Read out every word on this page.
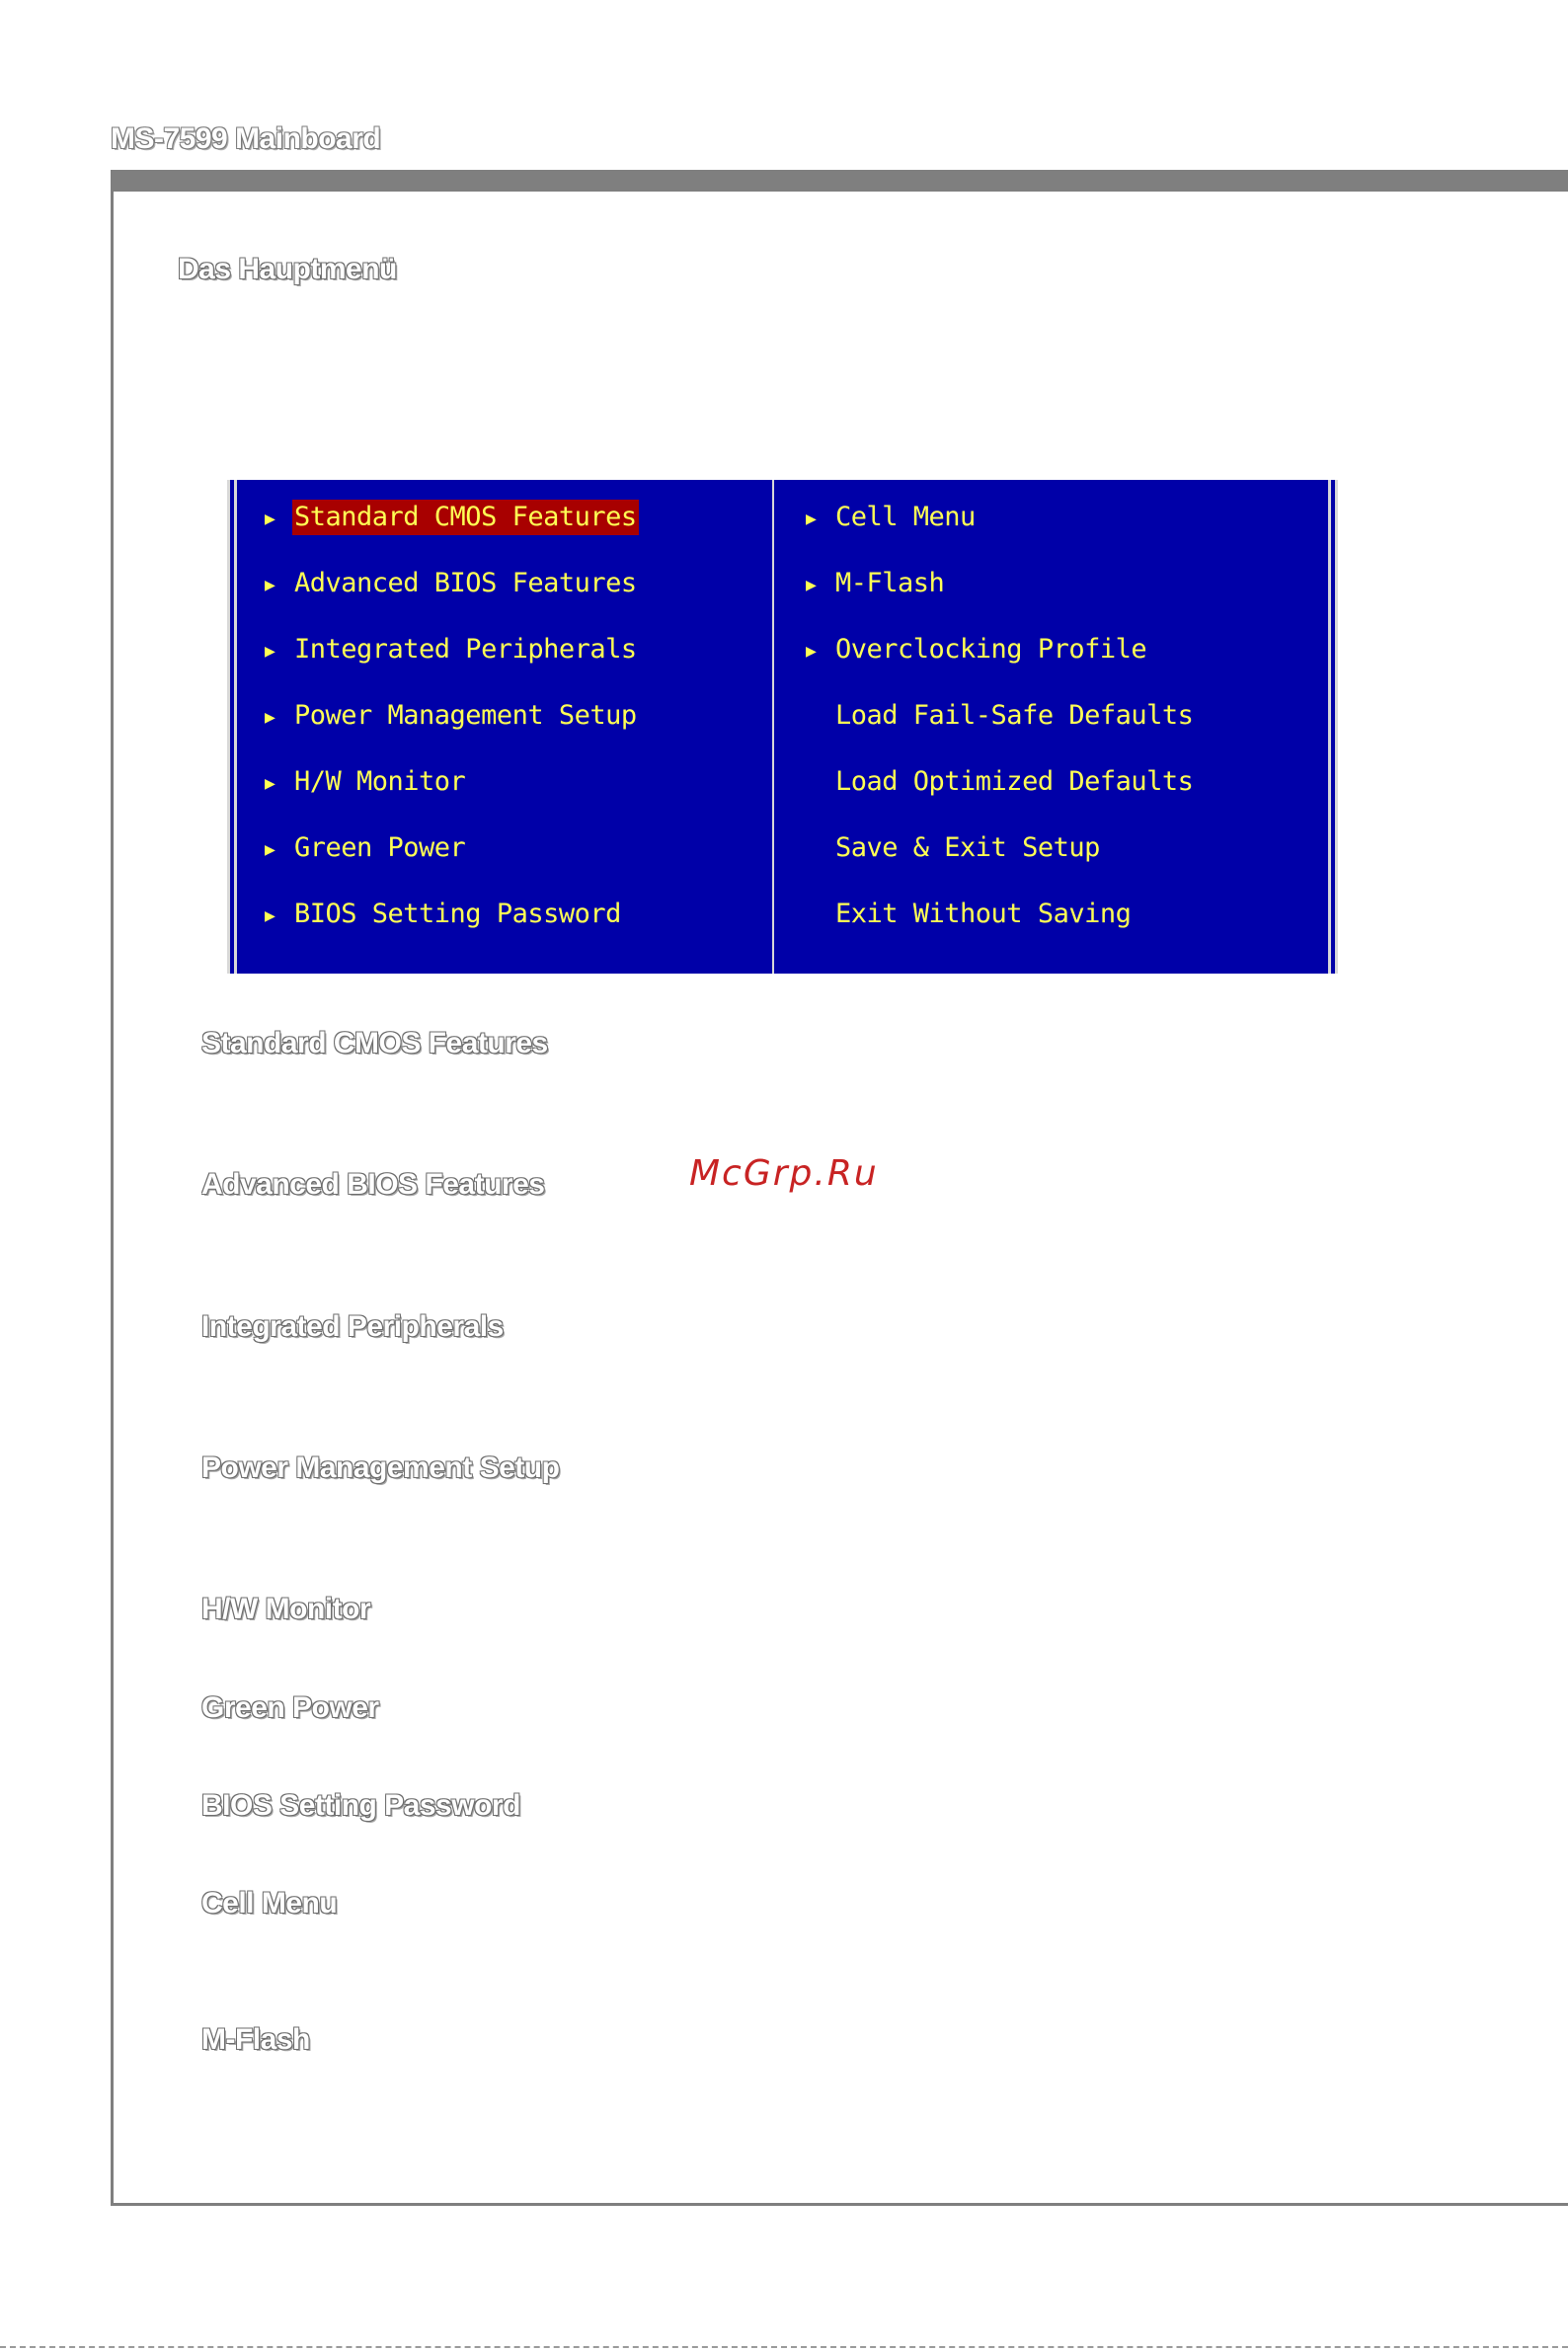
MS-7599 Mainboard
Das Hauptmenü
▶ Standard CMOS Features
▶ Advanced BIOS Features
▶ Integrated Peripherals
▶ Power Management Setup
▶ H/W Monitor
▶ Green Power
▶ BIOS Setting Password
▶ Cell Menu
▶ M-Flash
▶ Overclocking Profile
Load Fail-Safe Defaults
Load Optimized Defaults
Save & Exit Setup
Exit Without Saving
McGrp.Ru
Standard CMOS Features
Advanced BIOS Features
Integrated Peripherals
Power Management Setup
H/W Monitor
Green Power
BIOS Setting Password
Cell Menu
M-Flash
